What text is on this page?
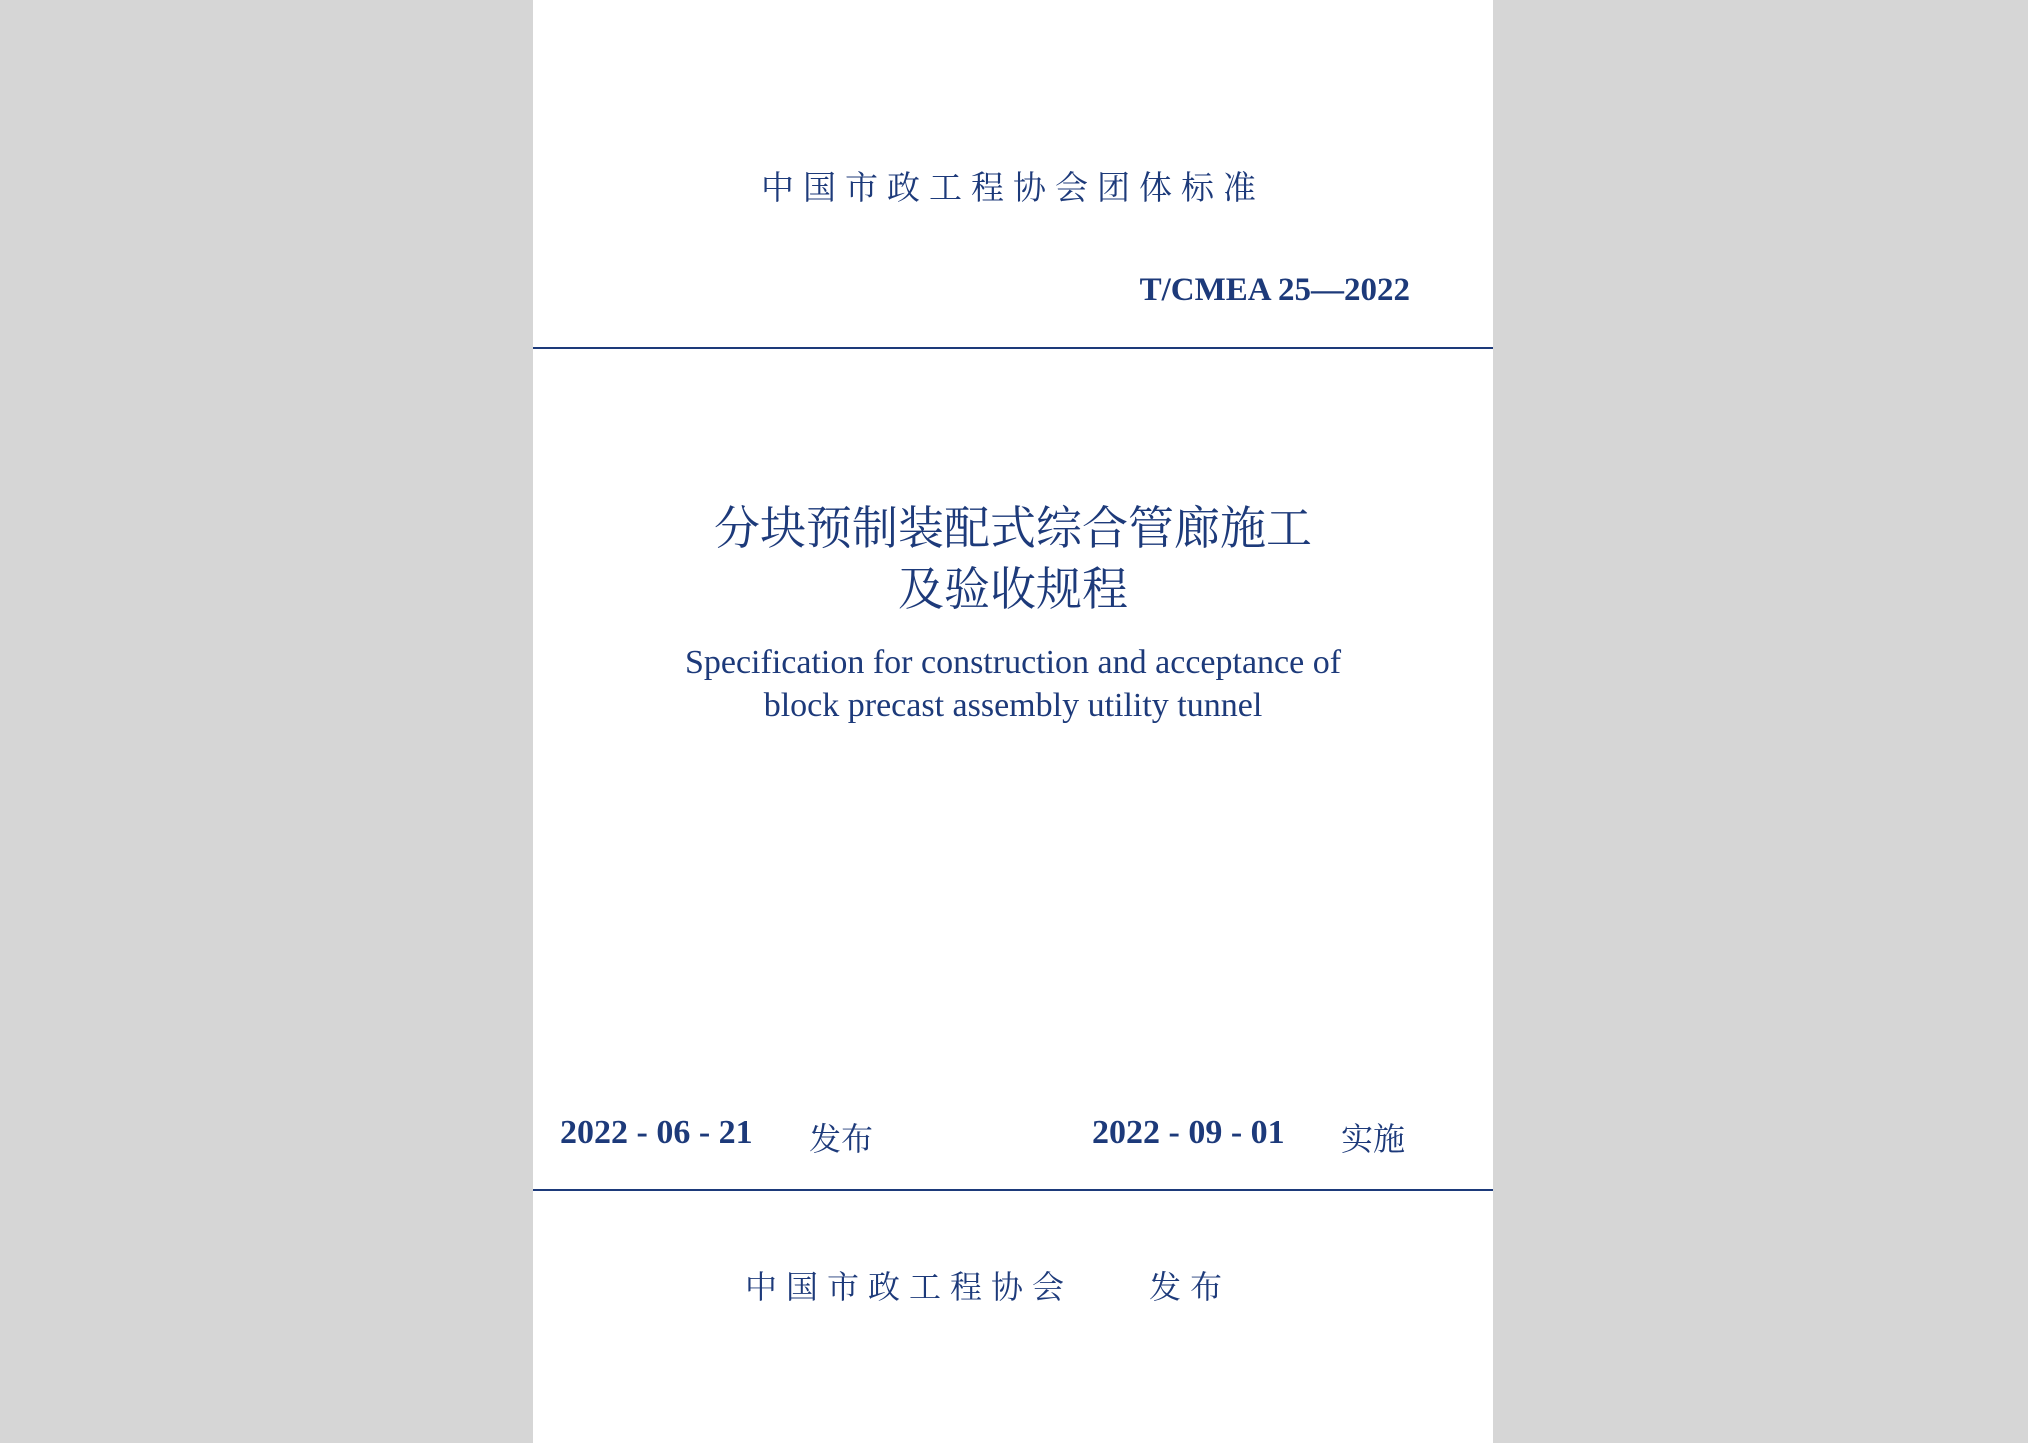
中国市政工程协会团体标准
T/CMEA 25—2022
分块预制装配式综合管廊施工
及验收规程
Specification for construction and acceptance of
block precast assembly utility tunnel
2022 - 06 - 21 发布	2022 - 09 - 01 实施
中国市政工程协会 发布
